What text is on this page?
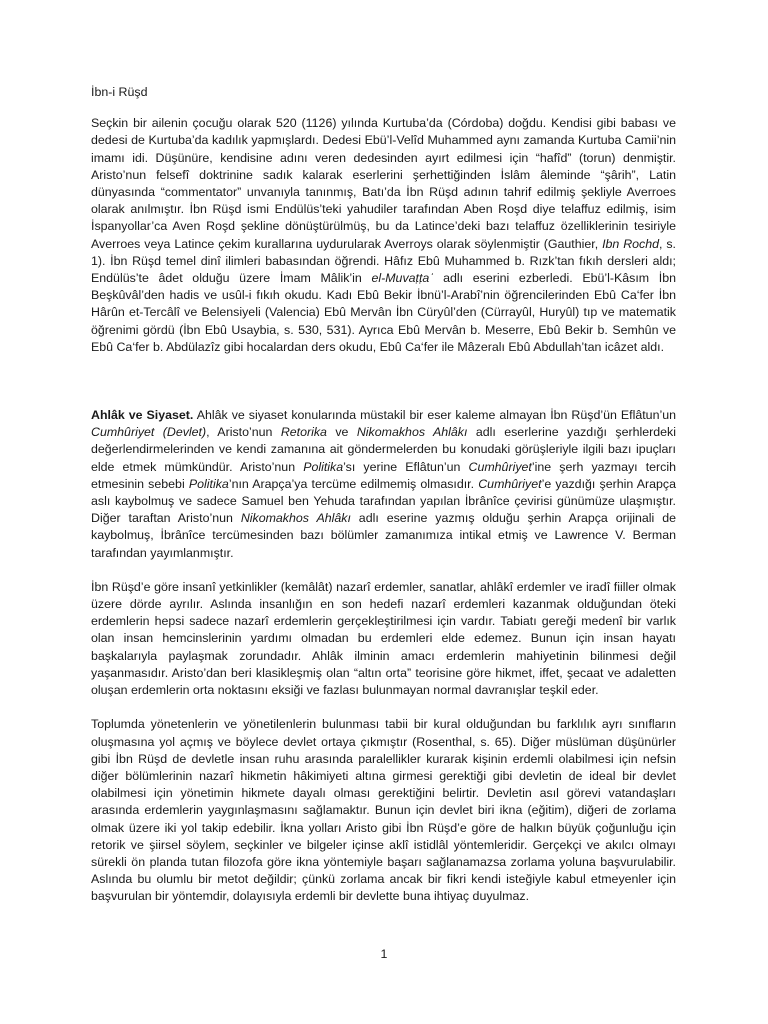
İbn-i Rüşd

Seçkin bir ailenin çocuğu olarak 520 (1126) yılında Kurtuba’da (Córdoba) doğdu. Kendisi gibi babası ve dedesi de Kurtuba’da kadılık yapmışlardı. Dedesi Ebü’l-Velîd Muhammed aynı zamanda Kurtuba Camii’nin imamı idi. Düşünüre, kendisine adını veren dedesinden ayırt edilmesi için “hafîd” (torun) denmiştir. Aristo’nun felsefî doktrinine sadık kalarak eserlerini şerhettiğinden İslâm âleminde “şârih”, Latin dünyasında “commentator” unvanıyla tanınmış, Batı’da İbn Rüşd adının tahrif edilmiş şekliyle Averroes olarak anılmıştır. İbn Rüşd ismi Endülüs’teki yahudiler tarafından Aben Roşd diye telaffuz edilmiş, isim İspanyollar’ca Aven Roşd şekline dönüştürülmüş, bu da Latince’deki bazı telaffuz özelliklerinin tesiriyle Averroes veya Latince çekim kurallarına uydurularak Averroys olarak söylenmiştir (Gauthier, Ibn Rochd, s. 1). İbn Rüşd temel dinî ilimleri babasından öğrendi. Hâfız Ebû Muhammed b. Rızk’tan fıkıh dersleri aldı; Endülüs’te âdet olduğu üzere İmam Mâlik’in el-Muvaṭṭaʾ adlı eserini ezberledi. Ebü’l-Kâsım İbn Beşkûvâl’den hadis ve usûl-i fıkıh okudu. Kadı Ebû Bekir İbnü’l-Arabî’nin öğrencilerinden Ebû Ca‘fer İbn Hârûn et-Tercâlî ve Belensiyeli (Valencia) Ebû Mervân İbn Cüryûl’den (Cürrayûl, Huryûl) tıp ve matematik öğrenimi gördü (İbn Ebû Usaybia, s. 530, 531). Ayrıca Ebû Mervân b. Meserre, Ebû Bekir b. Semhûn ve Ebû Ca‘fer b. Abdülazîz gibi hocalardan ders okudu, Ebû Ca‘fer ile Mâzeralı Ebû Abdullah’tan icâzet aldı.

Ahlâk ve Siyaset. Ahlâk ve siyaset konularında müstakil bir eser kaleme almayan İbn Rüşd’ün Eflâtun’un Cumhûriyet (Devlet), Aristo’nun Retorika ve Nikomakhos Ahlâkı adlı eserlerine yazdığı şerhlerdeki değerlendirmelerinden ve kendi zamanına ait göndermelerden bu konudaki görüşleriyle ilgili bazı ipuçları elde etmek mümkündür. Aristo’nun Politika’sı yerine Eflâtun’un Cumhûriyet’ine şerh yazmayı tercih etmesinin sebebi Politika’nın Arapça’ya tercüme edilmemiş olmasıdır. Cumhûriyet’e yazdığı şerhin Arapça aslı kaybolmuş ve sadece Samuel ben Yehuda tarafından yapılan İbrânîce çevirisi günümüze ulaşmıştır. Diğer taraftan Aristo’nun Nikomakhos Ahlâkı adlı eserine yazmış olduğu şerhin Arapça orijinali de kaybolmuş, İbrânîce tercümesinden bazı bölümler zamanımıza intikal etmiş ve Lawrence V. Berman tarafından yayımlanmıştır.

İbn Rüşd’e göre insanî yetkinlikler (kemâlât) nazarî erdemler, sanatlar, ahlâkî erdemler ve iradî fiiller olmak üzere dörde ayrılır. Aslında insanlığın en son hedefi nazarî erdemleri kazanmak olduğundan öteki erdemlerin hepsi sadece nazarî erdemlerin gerçekleştirilmesi için vardır. Tabiatı gereği medenî bir varlık olan insan hemcinslerinin yardımı olmadan bu erdemleri elde edemez. Bunun için insan hayatı başkalarıyla paylaşmak zorundadır. Ahlâk ilminin amacı erdemlerin mahiyetinin bilinmesi değil yaşanmasıdır. Aristo’dan beri klasikleşmiş olan “altın orta” teorisine göre hikmet, iffet, şecaat ve adaletten oluşan erdemlerin orta noktasını eksiği ve fazlası bulunmayan normal davranışlar teşkil eder.

Toplumda yönetenlerin ve yönetilenlerin bulunması tabii bir kural olduğundan bu farklılık ayrı sınıfların oluşmasına yol açmış ve böylece devlet ortaya çıkmıştır (Rosenthal, s. 65). Diğer müslüman düşünürler gibi İbn Rüşd de devletle insan ruhu arasında paralellikler kurarak kişinin erdemli olabilmesi için nefsin diğer bölümlerinin nazarî hikmetin hâkimiyeti altına girmesi gerektiği gibi devletin de ideal bir devlet olabilmesi için yönetimin hikmete dayalı olması gerektiğini belirtir. Devletin asıl görevi vatandaşları arasında erdemlerin yaygınlaşmasını sağlamaktır. Bunun için devlet biri ikna (eğitim), diğeri de zorlama olmak üzere iki yol takip edebilir. İkna yolları Aristo gibi İbn Rüşd’e göre de halkın büyük çoğunluğu için retorik ve şiirsel söylem, seçkinler ve bilgeler içinse aklî istidlâl yöntemleridir. Gerçekçi ve akılcı olmayı sürekli ön planda tutan filozofa göre ikna yöntemiyle başarı sağlanamazsa zorlama yoluna başvurulabilir. Aslında bu olumlu bir metot değildir; çünkü zorlama ancak bir fikri kendi isteğiyle kabul etmeyenler için başvurulan bir yöntemdir, dolayısıyla erdemli bir devlette buna ihtiyaç duyulmaz.

1
